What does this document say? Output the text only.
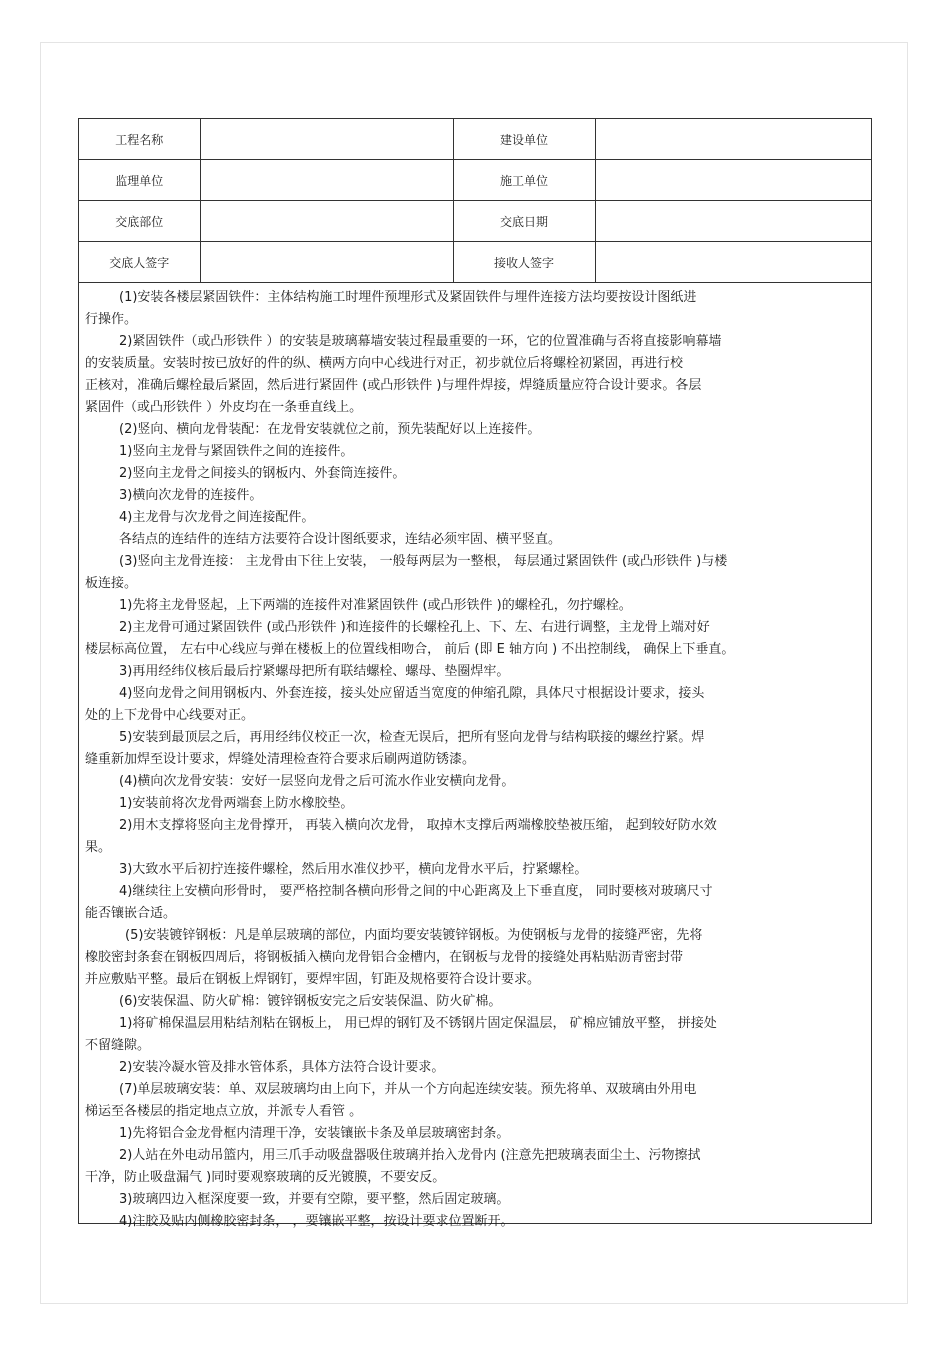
工程名称		建设单位	
监理单位		施工单位	
交底部位		交底日期	
交底人签字		接收人签字	
(1)安装各楼层紧固铁件：主体结构施工时埋件预埋形式及紧固铁件与埋件连接方法均要按设计图纸进
行操作。
2)紧固铁件（或凸形铁件 ）的安装是玻璃幕墙安装过程最重要的一环，它的位置准确与否将直接影响幕墙
的安装质量。安装时按已放好的件的纵、横两方向中心线进行对正，初步就位后将螺栓初紧固，再进行校
正核对，准确后螺栓最后紧固，然后进行紧固件 (或凸形铁件 )与埋件焊接，焊缝质量应符合设计要求。各层
紧固件（或凸形铁件 ）外皮均在一条垂直线上。
(2)竖向、横向龙骨装配：在龙骨安装就位之前，预先装配好以上连接件。
1)竖向主龙骨与紧固铁件之间的连接件。
2)竖向主龙骨之间接头的钢板内、外套筒连接件。
3)横向次龙骨的连接件。
4)主龙骨与次龙骨之间连接配件。
各结点的连结件的连结方法要符合设计图纸要求，连结必须牢固、横平竖直。
(3)竖向主龙骨连接： 主龙骨由下往上安装， 一般每两层为一整根， 每层通过紧固铁件 (或凸形铁件 )与楼
板连接。
1)先将主龙骨竖起，上下两端的连接件对准紧固铁件 (或凸形铁件 )的螺栓孔，勿拧螺栓。
2)主龙骨可通过紧固铁件 (或凸形铁件 )和连接件的长螺栓孔上、下、左、右进行调整，主龙骨上端对好
楼层标高位置， 左右中心线应与弹在楼板上的位置线相吻合， 前后 (即 E 轴方向 ) 不出控制线， 确保上下垂直。
3)再用经纬仪核后最后拧紧螺母把所有联结螺栓、螺母、垫圈焊牢。
4)竖向龙骨之间用钢板内、外套连接，接头处应留适当宽度的伸缩孔隙，具体尺寸根据设计要求，接头
处的上下龙骨中心线要对正。
5)安装到最顶层之后，再用经纬仪校正一次，检查无误后，把所有竖向龙骨与结构联接的螺丝拧紧。焊
缝重新加焊至设计要求，焊缝处清理检查符合要求后刷两道防锈漆。
(4)横向次龙骨安装：安好一层竖向龙骨之后可流水作业安横向龙骨。
1)安装前将次龙骨两端套上防水橡胶垫。
2)用木支撑将竖向主龙骨撑开， 再装入横向次龙骨， 取掉木支撑后两端橡胶垫被压缩， 起到较好防水效
果。
3)大致水平后初拧连接件螺栓，然后用水准仪抄平，横向龙骨水平后，拧紧螺栓。
4)继续往上安横向形骨时， 要严格控制各横向形骨之间的中心距离及上下垂直度， 同时要核对玻璃尺寸
能否镶嵌合适。
(5)安装镀锌钢板：凡是单层玻璃的部位，内面均要安装镀锌钢板。为使钢板与龙骨的接缝严密，先将
橡胶密封条套在钢板四周后，将钢板插入横向龙骨铝合金槽内，在钢板与龙骨的接缝处再粘贴沥青密封带
并应敷贴平整。最后在钢板上焊钢钉，要焊牢固，钉距及规格要符合设计要求。
(6)安装保温、防火矿棉：镀锌钢板安完之后安装保温、防火矿棉。
1)将矿棉保温层用粘结剂粘在钢板上， 用已焊的钢钉及不锈钢片固定保温层， 矿棉应铺放平整， 拼接处
不留缝隙。
2)安装冷凝水管及排水管体系，具体方法符合设计要求。
(7)单层玻璃安装：单、双层玻璃均由上向下，并从一个方向起连续安装。预先将单、双玻璃由外用电
梯运至各楼层的指定地点立放，并派专人看管 。
1)先将铝合金龙骨框内清理干净，安装镶嵌卡条及单层玻璃密封条。
2)人站在外电动吊篮内，用三爪手动吸盘器吸住玻璃并抬入龙骨内 (注意先把玻璃表面尘土、污物擦拭
干净，防止吸盘漏气 )同时要观察玻璃的反光镀膜，不要安反。
3)玻璃四边入框深度要一致，并要有空隙，要平整，然后固定玻璃。
4)注胶及贴内侧橡胶密封条， ，要镶嵌平整，按设计要求位置断开。
